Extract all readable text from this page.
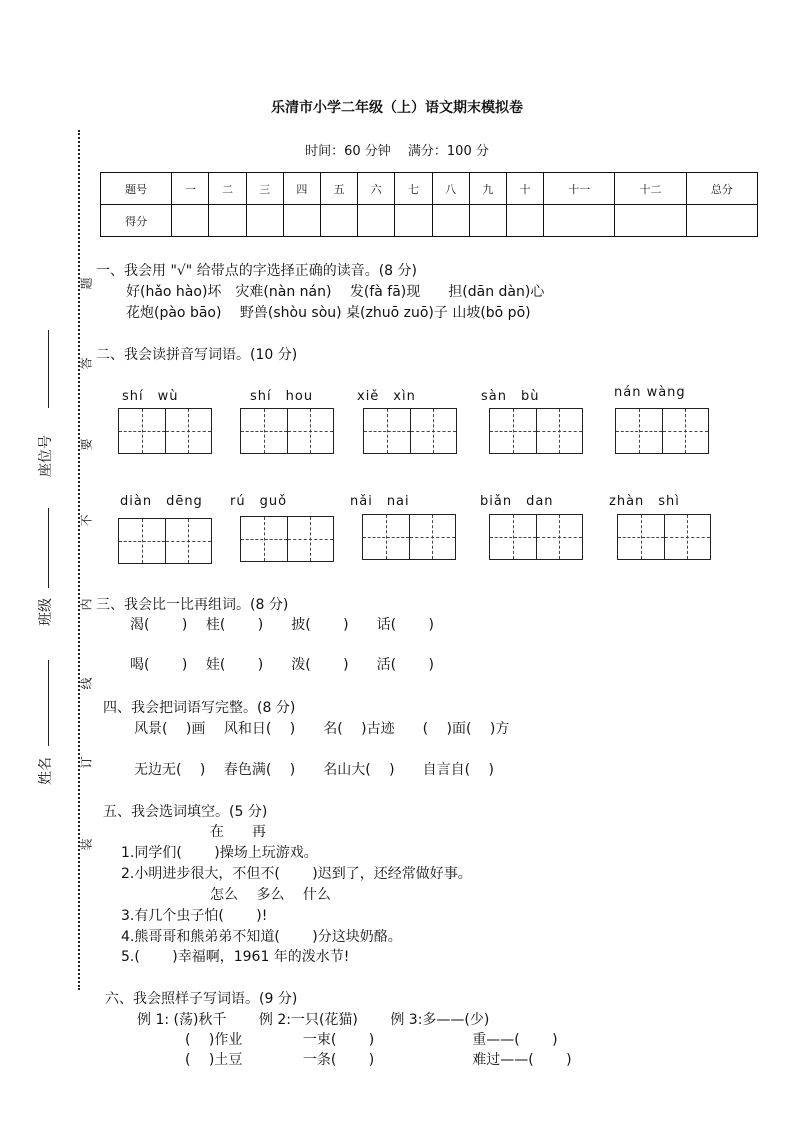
乐清市小学二年级（上）语文期末模拟卷
时间：60 分钟　 满分：100 分
题号	一	二	三	四	五	六	七	八	九	十	十一	十二	总分
得分													
题
答
要
不
内
线
订
装
座位号
班级
姓名
一、我会用 "√" 给带点的字选择正确的读音。(8 分)
好(hǎo hào)坏　灾难(nàn nán)　 发(fà fā)现　　担(dān dàn)心
花炮(pào bāo)　 野兽(shòu sòu) 桌(zhuō zuō)子 山坡(bō pō)
二、我会读拼音写词语。(10 分)
shí　wù	shí　hou	xiě　xìn	sàn　bù	nán wàng
diàn　dēng rú　guǒ	nǎi　nai	biǎn　dan	zhàn　shì
三、我会比一比再组词。(8 分)
渴(　　 )　 桂(　　 )　　披(　　 )　　话(　　 )
喝(　　 )　 娃(　　 )　　泼(　　 )　　活(　　 )
四、我会把词语写完整。(8 分)
风景(　 )画　 风和日(　 )　　名(　 )古迹　　(　 )面(　 )方
无边无(　 )　 春色满(　 )　　名山大(　 )　　自言自(　 )
五、我会选词填空。(5 分)
在　　再
1.同学们(　　 )操场上玩游戏。
2.小明进步很大，不但不(　　 )迟到了，还经常做好事。
怎么　 多么　 什么
3.有几个虫子怕(　　 )!
4.熊哥哥和熊弟弟不知道(　　 )分这块奶酪。
5.(　　 )幸福啊，1961 年的泼水节!
六、我会照样子写词语。(9 分)
例 1: (荡)秋千　　 例 2:一只(花猫)　　 例 3:多——(少)
(　 )作业　　　　 一束(　　 )　　　　　　　重——(　　 )
(　 )土豆　　　　 一条(　　 )　　　　　　　难过——(　　 )
